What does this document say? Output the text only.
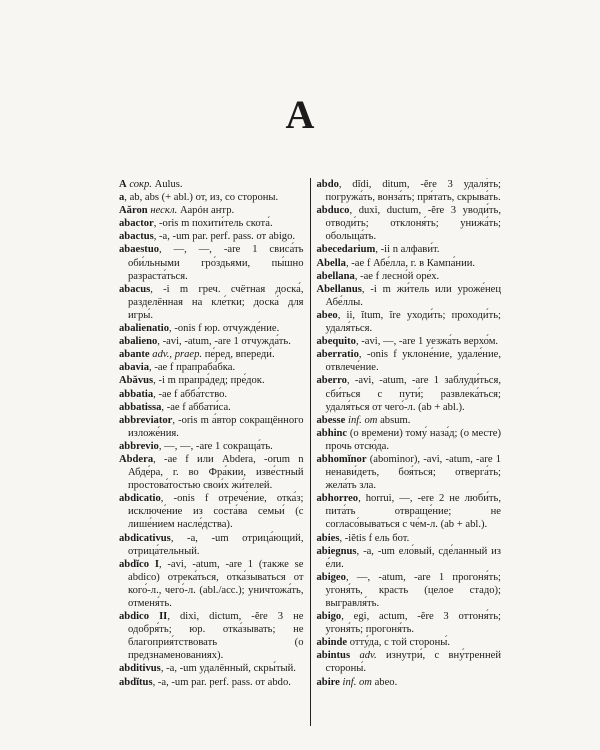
A

A сокр. Aulus.

a, ab, abs (+ abl.) от, из, со стороны.

Aăron нескл. Аарóн антр.

abactor, -oris m похити́тель скота́.

abactus, -a, -um par. perf. pass. от abigo.

abaestuo, —, —, -are 1 свиса́ть оби́льными гро́здьями, пы́шно разраста́ться.

abacus, -i m греч. счётная доска́, разделённая на кле́тки; доска́ для игры́.

abalienatio, -onis f юр. отчужде́ние.

abalieno, -avi, -atum, -are 1 отчужда́ть.

abante adv., praep. пе́ред, впереди́.

abavia, -ae f прапраба́бка.

Abăvus, -i m прапра́дед; пре́док.

abbatia, -ae f абба́тство.

abbatissa, -ae f аббати́са.

abbreviator, -oris m а́втор сокращённого изложе́ния.

abbrevio, —, —, -are 1 сокраща́ть.

Abdera, -ae f или Abdera, -orum n Абде́ра, г. во Фра́кии, изве́стный простова́тостью свои́х жи́телей.

abdicatio, -onis f отрече́ние, отка́з; исключе́ние из соста́ва семьи́ (с лише́нием насле́дства).

abdicativus, -a, -um отрица́ющий, отрица́тельный.

abdĭco I, -avi, -atum, -are 1 (также se abdico) отрека́ться, отка́зываться от кого́-л., чего́-л. (abl./acc.); уничтожа́ть, отменя́ть.

abdico II, dixi, dictum, -ĕre 3 не одобря́ть; юр. отка́зывать; не благоприя́тствовать (о предзнаменованиях).

abditivus, -a, -um удалённый, скры́тый.

abdĭtus, -a, -um par. perf. pass. от abdo.

abdo, dĭdi, ditum, -ĕre 3 удаля́ть; погружа́ть, вонза́ть; пря́тать, скрыва́ть.

abduco, duxi, ductum, -ĕre 3 уводи́ть, отводи́ть; отклоня́ть; унижа́ть; обольща́ть.

abecedarium, -ii n алфави́т.

Abella, -ae f Абе́лла, г. в Кампа́нии.

abellana, -ae f лесно́й оре́х.

Abellanus, -i m жи́тель или уроже́нец Абе́ллы.

abeo, ii, ĭtum, ĭre уходи́ть; проходи́ть; удаля́ться.

abequito, -avi, —, -are 1 уезжа́ть верхо́м.

aberratio, -onis f уклоне́ние, удале́ние, отвлече́ние.

aberro, -avi, -atum, -are 1 заблуди́ться, сби́ться с пути́; развлека́ться; удаля́ться от чего́-л. (ab + abl.).

abesse inf. от absum.

abhinc (о времени) тому́ наза́д; (о месте) прочь отсю́да.

abhomĭnor (abominor), -avi, -atum, -are 1 ненави́деть, боя́ться; отверга́ть; жела́ть зла.

abhorreo, horrui, —, -ere 2 не люби́ть, пита́ть отвраще́ние; не согласо́вываться с че́м-л. (ab + abl.).

abies, -iĕtis f ель бот.

abiegnus, -a, -um ело́вый, сде́ланный из е́ли.

abigeo, —, -atum, -are 1 прогоня́ть; угоня́ть, красть (целое стадо); выгравля́ть.

abigo, egi, actum, -ĕre 3 оттоня́ть; угоня́ть; прогоня́ть.

abinde отту́да, с той стороны́.

abintus adv. изнутри́, с вну́тренней стороны́.

abire inf. от abeo.
